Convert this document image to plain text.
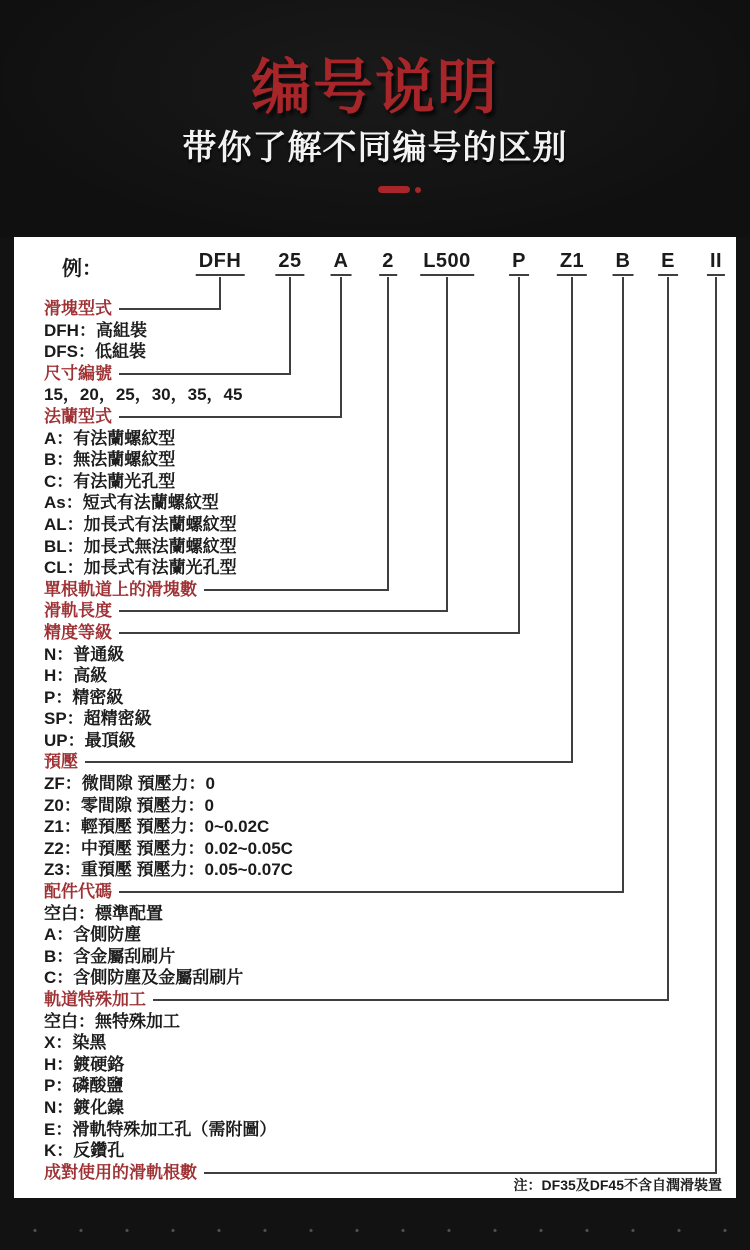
编号说明
带你了解不同编号的区别
例：	DFH 25 A 2 L500 P Z1 B E II
滑塊型式
DFH：高組裝
DFS：低組裝
尺寸編號
15，20，25，30，35，45
法蘭型式
A：有法蘭螺紋型
B：無法蘭螺紋型
C：有法蘭光孔型
As：短式有法蘭螺紋型
AL：加長式有法蘭螺紋型
BL：加長式無法蘭螺紋型
CL：加長式有法蘭光孔型
單根軌道上的滑塊數
滑軌長度
精度等級
N：普通級
H：高級
P：精密級
SP：超精密級
UP：最頂級
預壓
ZF：微間隙 預壓力：0
Z0：零間隙 預壓力：0
Z1：輕預壓 預壓力：0~0.02C
Z2：中預壓 預壓力：0.02~0.05C
Z3：重預壓 預壓力：0.05~0.07C
配件代碼
空白：標準配置
A：含側防塵
B：含金屬刮刷片
C：含側防塵及金屬刮刷片
軌道特殊加工
空白：無特殊加工
X：染黑
H：鍍硬鉻
P：磷酸鹽
N：鍍化鎳
E：滑軌特殊加工孔（需附圖）
K：反鑽孔
成對使用的滑軌根數
注：DF35及DF45不含自潤滑裝置
